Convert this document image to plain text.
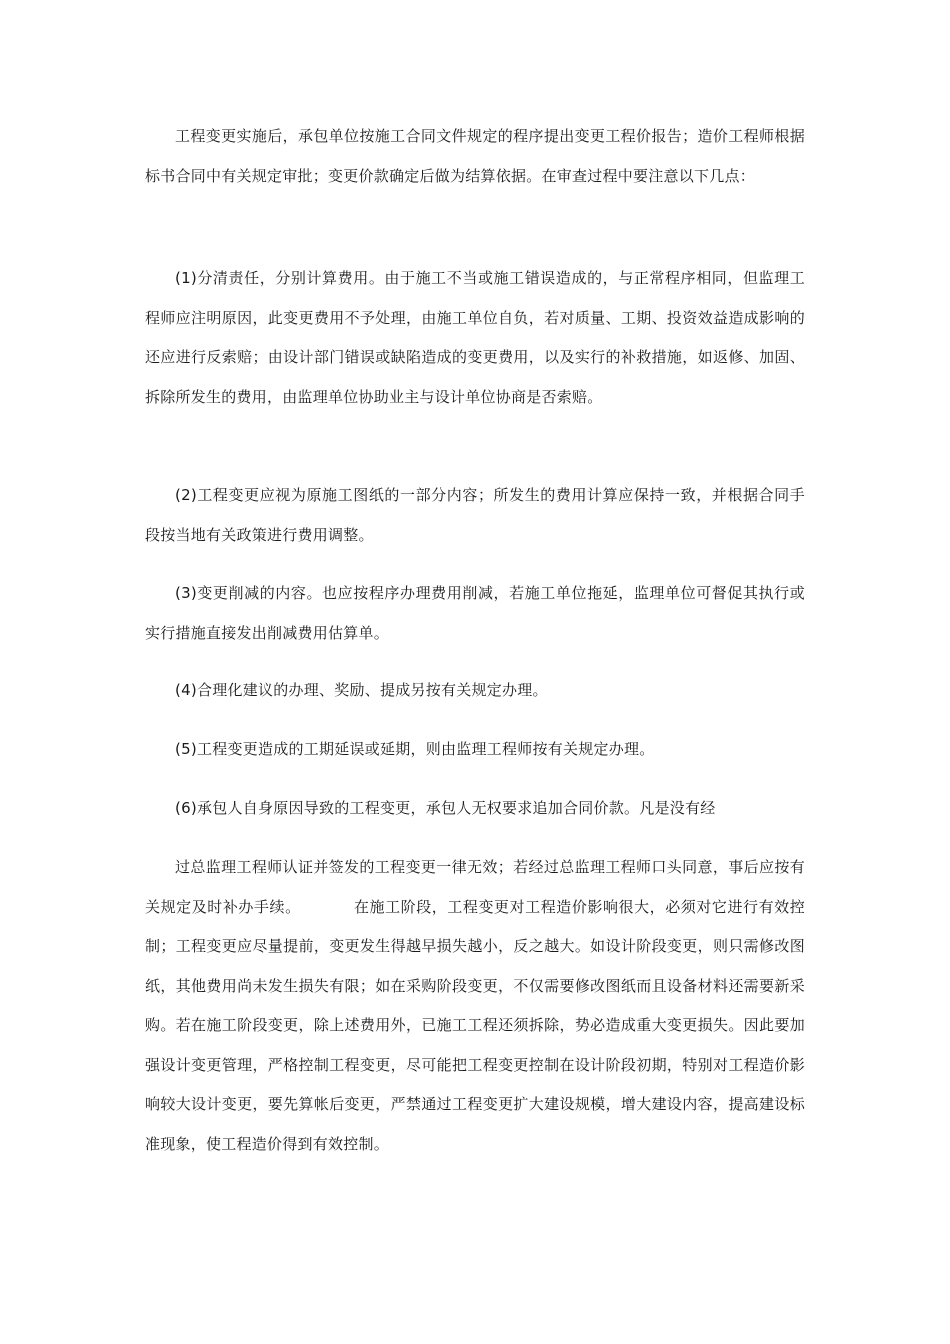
工程变更实施后，承包单位按施工合同文件规定的程序提出变更工程价报告；造价工程师根据标书合同中有关规定审批；变更价款确定后做为结算依据。在审查过程中要注意以下几点：

(1)分清责任，分别计算费用。由于施工不当或施工错误造成的，与正常程序相同，但监理工程师应注明原因，此变更费用不予处理，由施工单位自负，若对质量、工期、投资效益造成影响的还应进行反索赔；由设计部门错误或缺陷造成的变更费用，以及实行的补救措施，如返修、加固、拆除所发生的费用，由监理单位协助业主与设计单位协商是否索赔。

(2)工程变更应视为原施工图纸的一部分内容；所发生的费用计算应保持一致，并根据合同手段按当地有关政策进行费用调整。

(3)变更削减的内容。也应按程序办理费用削减，若施工单位拖延，监理单位可督促其执行或实行措施直接发出削减费用估算单。

(4)合理化建议的办理、奖励、提成另按有关规定办理。

(5)工程变更造成的工期延误或延期，则由监理工程师按有关规定办理。

(6)承包人自身原因导致的工程变更，承包人无权要求追加合同价款。凡是没有经

过总监理工程师认证并签发的工程变更一律无效；若经过总监理工程师口头同意，事后应按有关规定及时补办手续。          在施工阶段，工程变更对工程造价影响很大，必须对它进行有效控制；工程变更应尽量提前，变更发生得越早损失越小，反之越大。如设计阶段变更，则只需修改图纸，其他费用尚未发生损失有限；如在采购阶段变更，不仅需要修改图纸而且设备材料还需要新采购。若在施工阶段变更，除上述费用外，已施工工程还须拆除，势必造成重大变更损失。因此要加强设计变更管理，严格控制工程变更，尽可能把工程变更控制在设计阶段初期，特别对工程造价影响较大设计变更，要先算帐后变更，严禁通过工程变更扩大建设规模，增大建设内容，提高建设标准现象，使工程造价得到有效控制。
